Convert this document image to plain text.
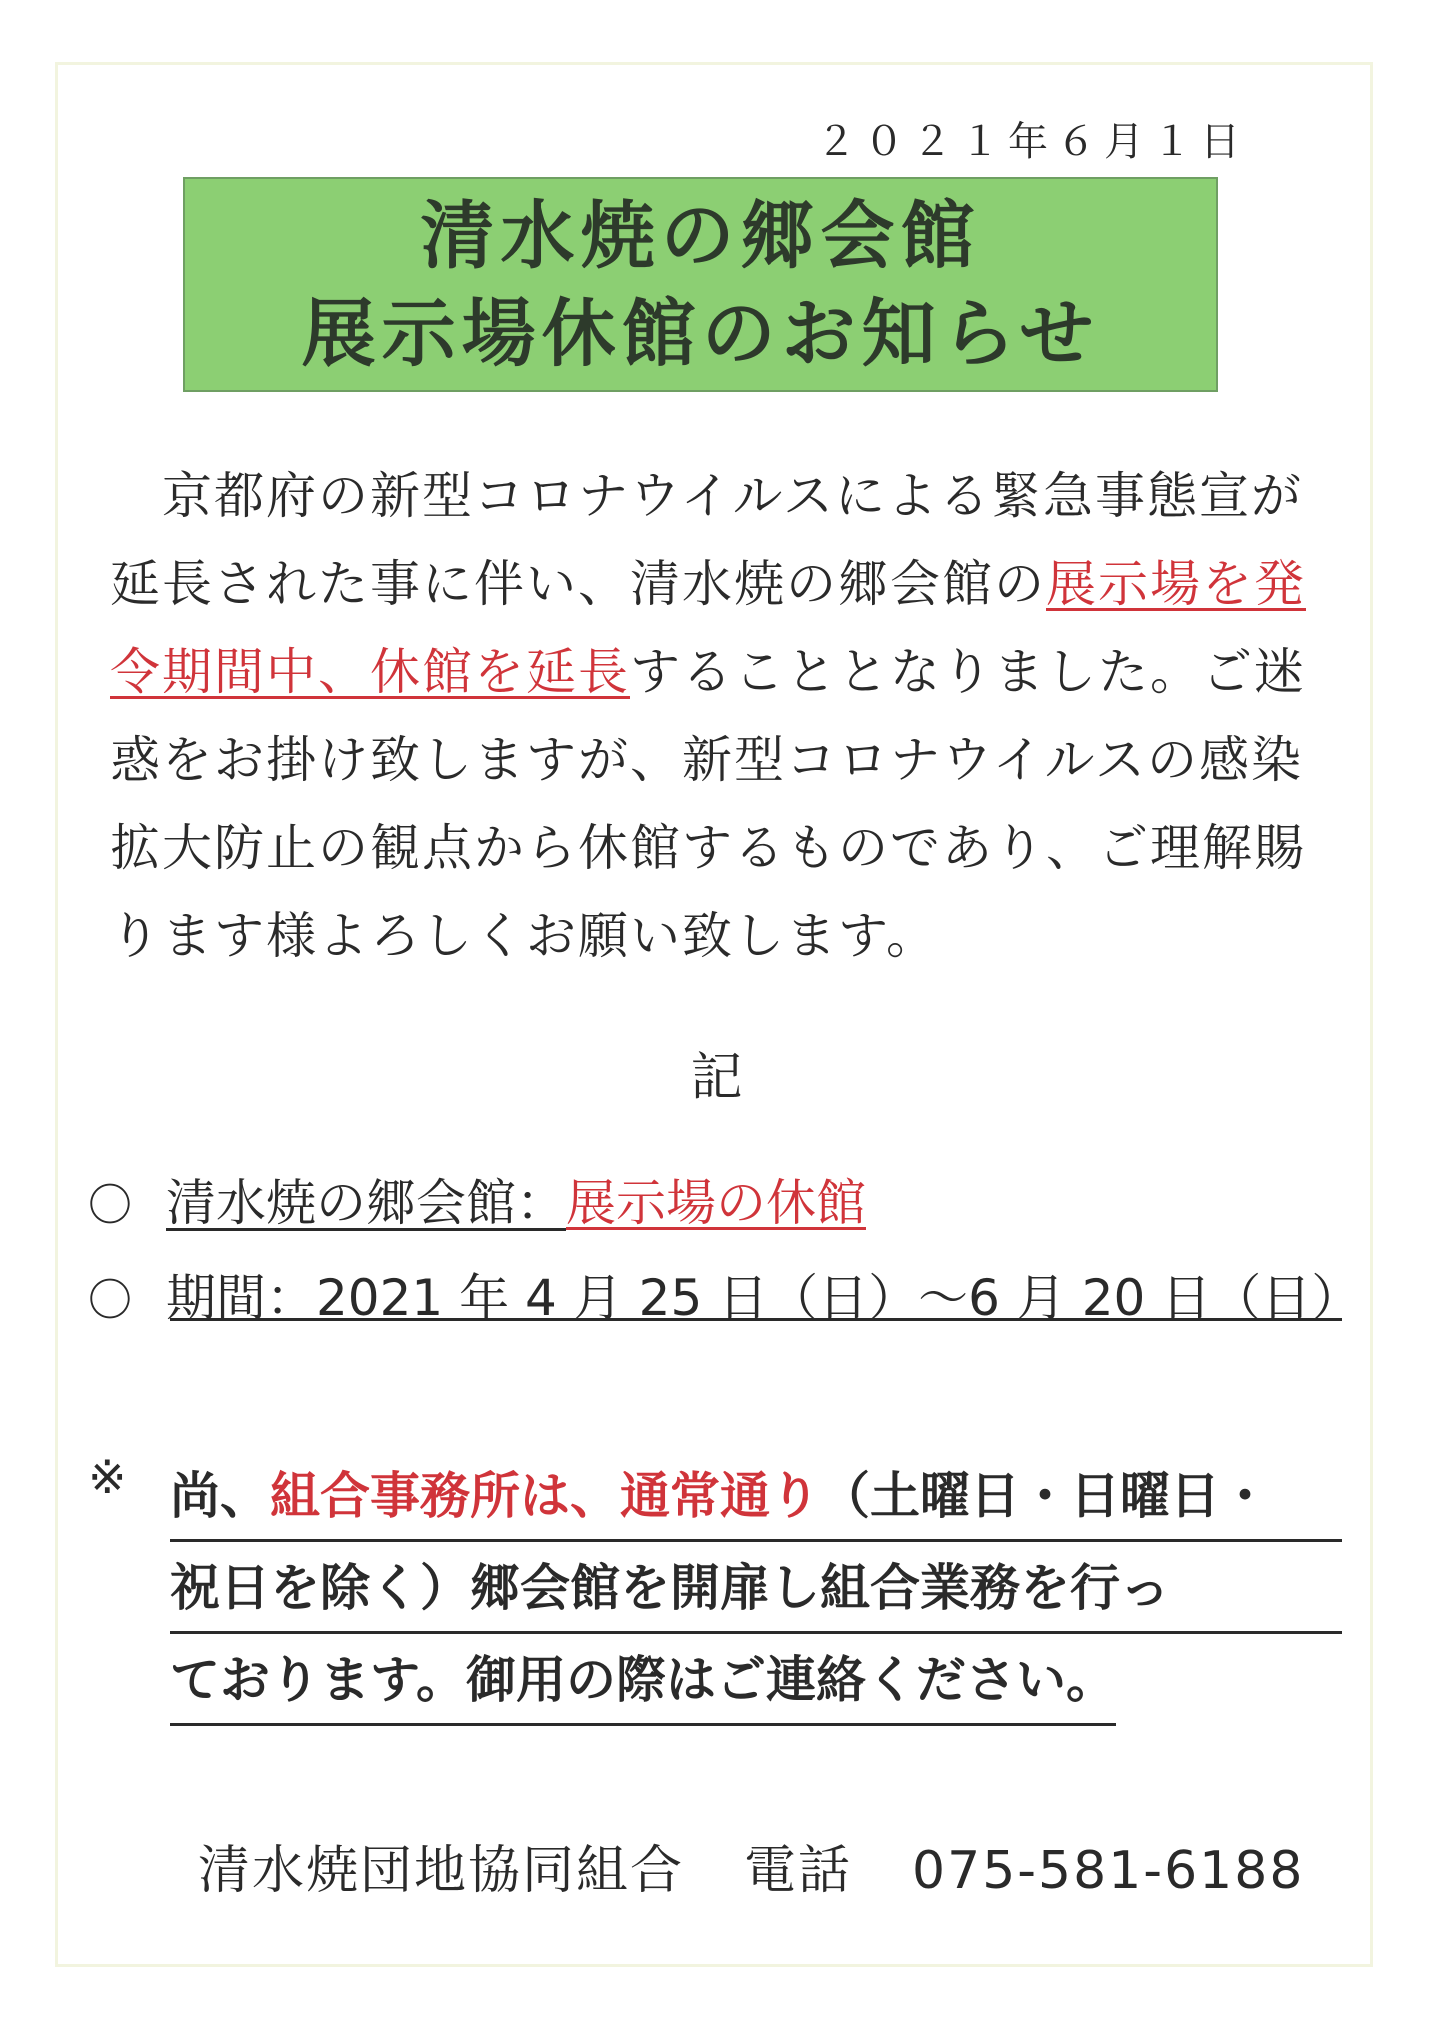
２０２１年６月１日
清水焼の郷会館
展示場休館のお知らせ

　京都府の新型コロナウイルスによる緊急事態宣が延長された事に伴い、清水焼の郷会館の展示場を発令期間中、休館を延長することとなりました。ご迷惑をお掛け致しますが、新型コロナウイルスの感染拡大防止の観点から休館するものであり、ご理解賜ります様よろしくお願い致します。

記
〇 清水焼の郷会館：展示場の休館
〇 期間：2021 年 4 月 25 日（日）～6 月 20 日（日）
※ 尚、組合事務所は、通常通り（土曜日・日曜日・
祝日を除く）郷会館を開扉し組合業務を行っ
ております。御用の際はご連絡ください。
清水焼団地協同組合 電話 075-581-6188
